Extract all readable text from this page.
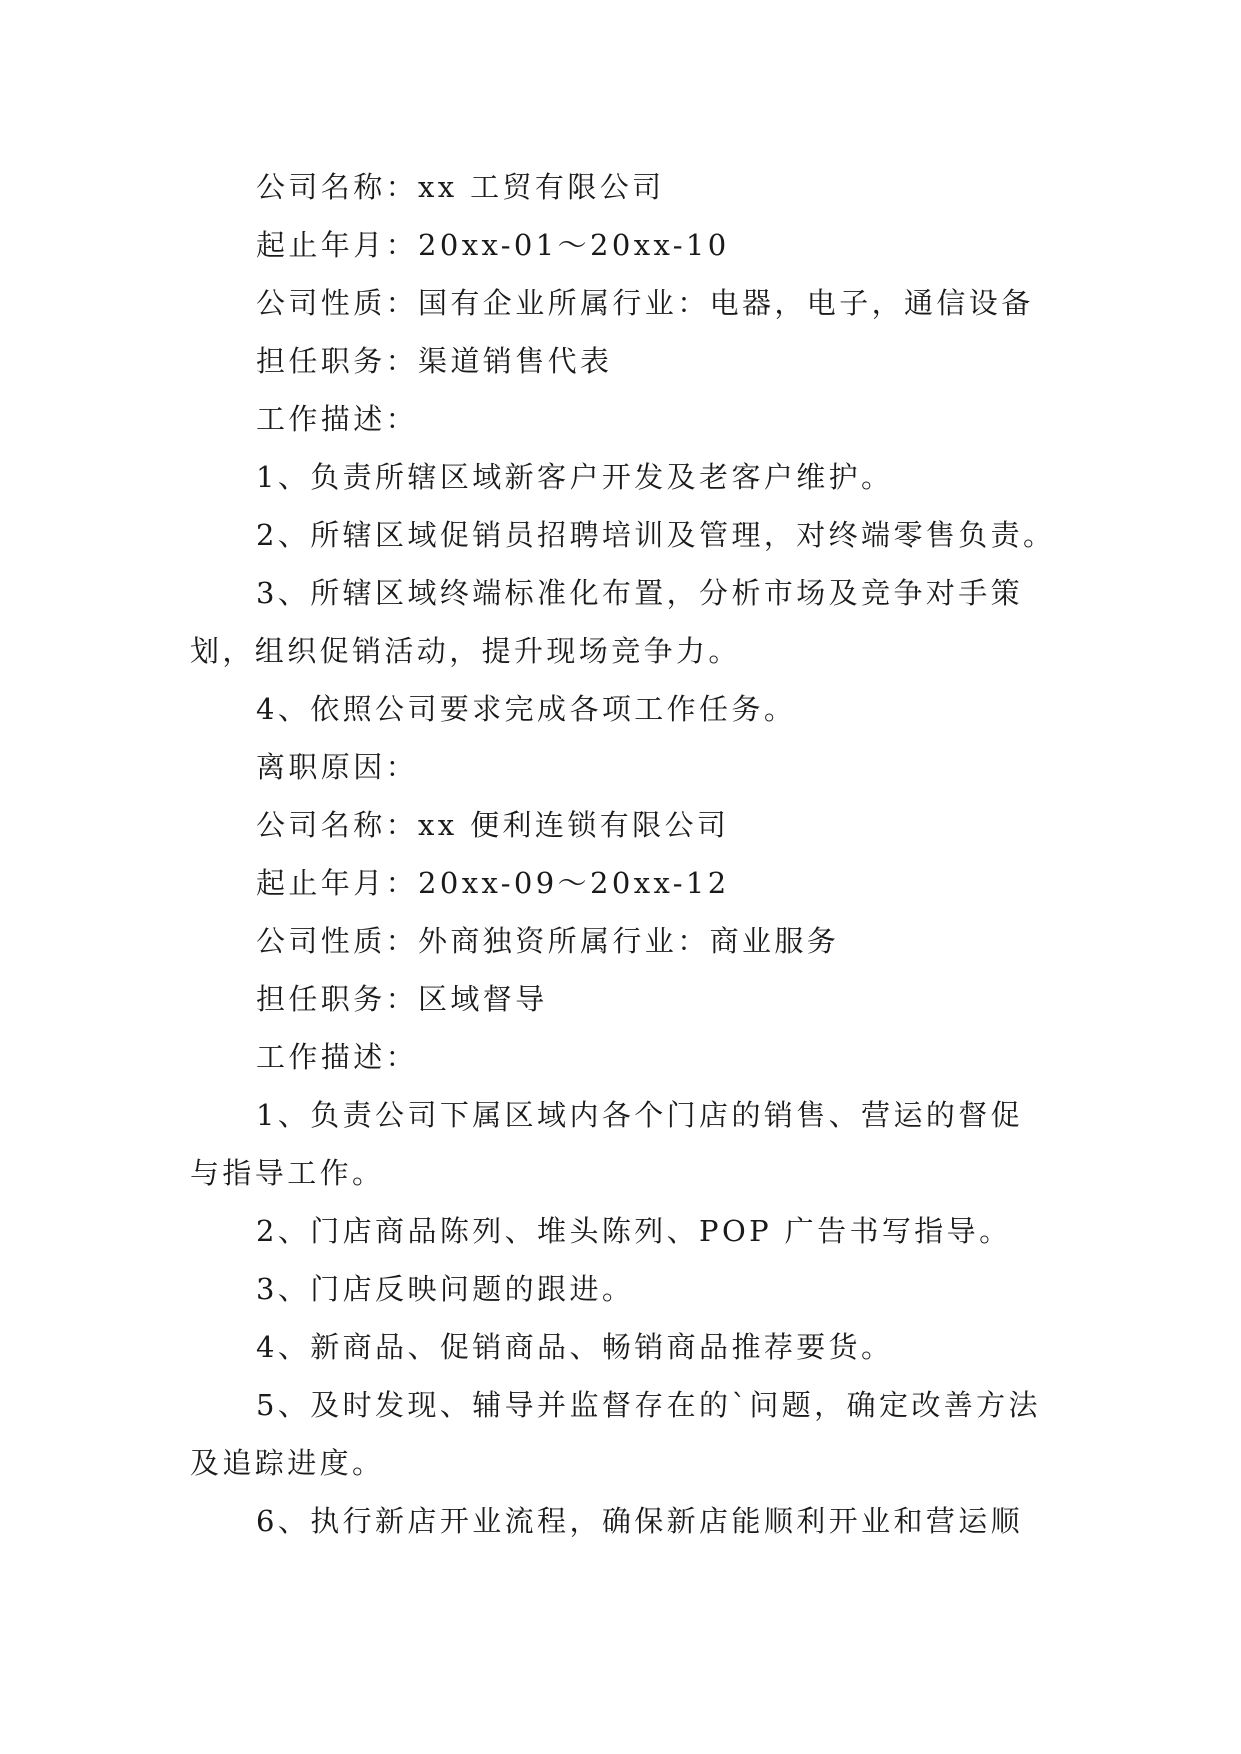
公司名称：xx 工贸有限公司
起止年月：20xx-01～20xx-10
公司性质：国有企业所属行业：电器，电子，通信设备
担任职务：渠道销售代表
工作描述：
1、负责所辖区域新客户开发及老客户维护。
2、所辖区域促销员招聘培训及管理，对终端零售负责。
3、所辖区域终端标准化布置，分析市场及竞争对手策
划，组织促销活动，提升现场竞争力。
4、依照公司要求完成各项工作任务。
离职原因：
公司名称：xx 便利连锁有限公司
起止年月：20xx-09～20xx-12
公司性质：外商独资所属行业：商业服务
担任职务：区域督导
工作描述：
1、负责公司下属区域内各个门店的销售、营运的督促
与指导工作。
2、门店商品陈列、堆头陈列、POP 广告书写指导。
3、门店反映问题的跟进。
4、新商品、促销商品、畅销商品推荐要货。
5、及时发现、辅导并监督存在的`问题，确定改善方法
及追踪进度。
6、执行新店开业流程，确保新店能顺利开业和营运顺
